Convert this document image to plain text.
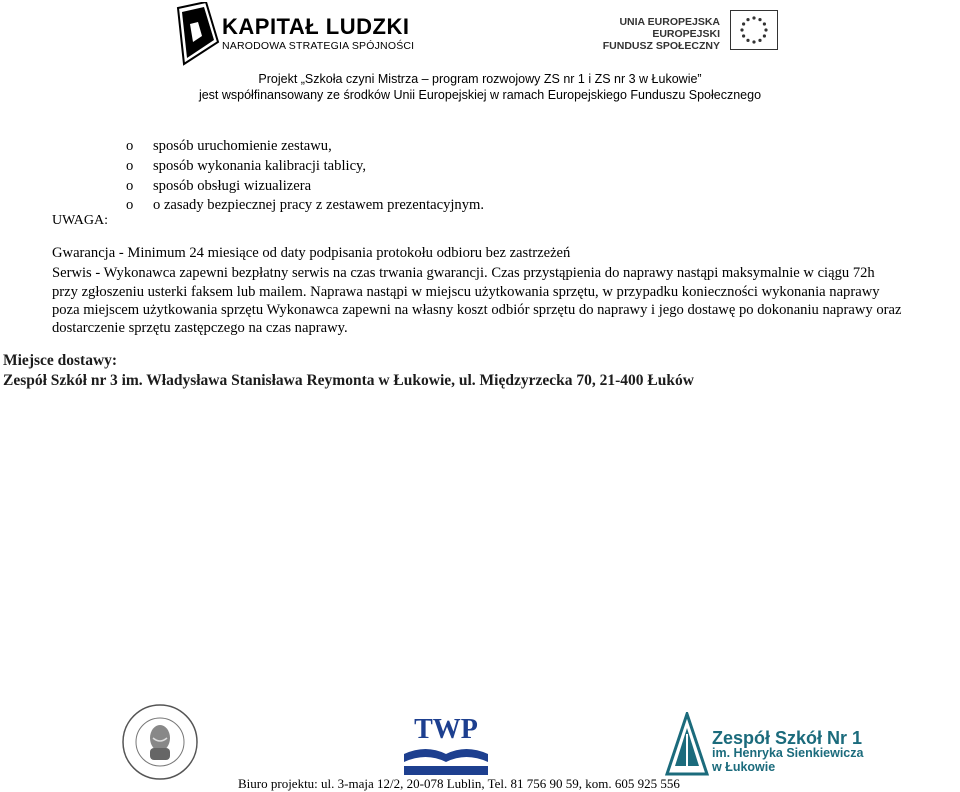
KAPITAŁ LUDZKI
NARODOWA STRATEGIA SPÓJNOŚCI
UNIA EUROPEJSKA
EUROPEJSKI
FUNDUSZ SPOŁECZNY
Projekt „Szkoła czyni Mistrza – program rozwojowy ZS nr 1 i ZS nr 3 w Łukowie”
jest współfinansowany ze środków Unii Europejskiej w ramach Europejskiego Funduszu Społecznego
o sposób uruchomienie zestawu,
o sposób wykonania kalibracji tablicy,
o sposób obsługi wizualizera
o o zasady bezpiecznej pracy z zestawem prezentacyjnym.
UWAGA:
Gwarancja - Minimum 24 miesiące od daty podpisania protokołu odbioru bez zastrzeżeń
Serwis - Wykonawca zapewni bezpłatny serwis na czas trwania gwarancji. Czas przystąpienia do naprawy nastąpi maksymalnie w ciągu 72h
przy zgłoszeniu usterki faksem lub mailem. Naprawa nastąpi w miejscu użytkowania sprzętu, w przypadku konieczności wykonania naprawy
poza miejscem użytkowania sprzętu Wykonawca zapewni na własny koszt odbiór sprzętu do naprawy i jego dostawę po dokonaniu naprawy oraz
dostarczenie sprzętu zastępczego na czas naprawy.
Miejsce dostawy:
Zespół Szkół nr 3 im. Władysława Stanisława Reymonta w Łukowie, ul. Międzyrzecka 70, 21-400 Łuków
TWP	Zespół Szkół Nr 1
im. Henryka Sienkiewicza
w Łukowie
Biuro projektu: ul. 3-maja 12/2, 20-078 Lublin, Tel. 81 756 90 59, kom. 605 925 556
